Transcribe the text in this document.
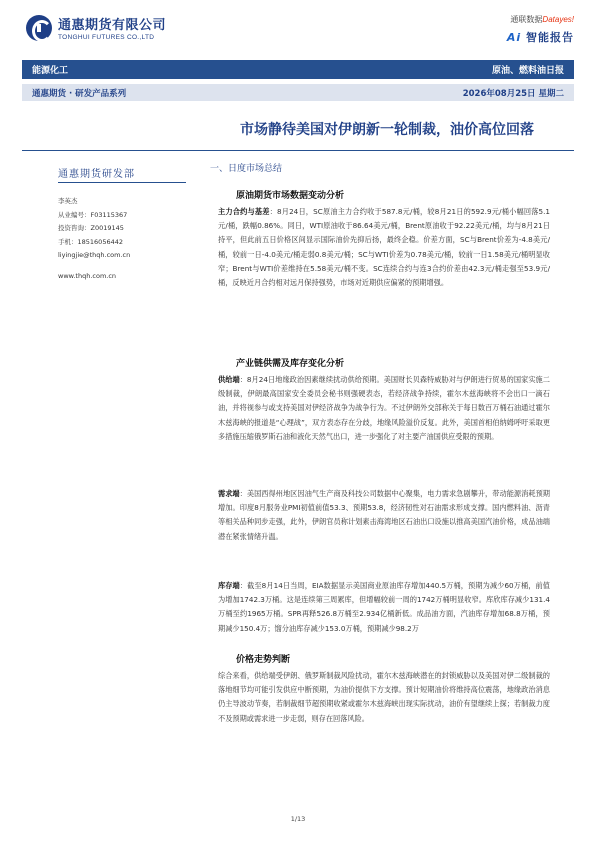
通惠期货有限公司
TONGHUI FUTURES CO.,LTD
通联数据Datayes!
Ai 智能报告
能源化工	原油、燃料油日报
通惠期货 · 研发产品系列	2026年08月25日 星期二
市场静待美国对伊朗新一轮制裁，油价高位回落
通惠期货研发部
李英杰
从业编号：F03115367
投资咨询：Z0019145
手机：18516056442
liyingjie@thqh.com.cn
www.thqh.com.cn
一、日度市场总结
原油期货市场数据变动分析
主力合约与基差：8月24日，SC原油主力合约收于587.8元/桶，较8月21日的592.9元/桶小幅回落5.1元/桶，跌幅0.86%。同日，WTI原油收于86.64美元/桶，Brent原油收于92.22美元/桶，均与8月21日持平，但此前五日价格区间显示国际油价先抑后扬，最终企稳。价差方面，SC与Brent价差为-4.8美元/桶，较前一日-4.0美元/桶走弱0.8美元/桶；SC与WTI价差为0.78美元/桶，较前一日1.58美元/桶明显收窄；Brent与WTI价差维持在5.58美元/桶不变。SC连续合约与连3合约价差由42.3元/桶走强至53.9元/桶，反映近月合约相对远月保持强势，市场对近期供应偏紧的预期增强。
产业链供需及库存变化分析
供给端：8月24日地缘政治因素继续扰动供给预期。美国财长贝森特威胁对与伊朗进行贸易的国家实施二级制裁，伊朗最高国家安全委员会秘书则强硬表态，若经济战争持续，霍尔木兹海峡将不会出口一滴石油，并将视参与或支持美国对伊经济战争为战争行为。不过伊朗外交部称关于每日数百万桶石油通过霍尔木兹海峡的报道是“心理战”，双方表态存在分歧，地缘风险溢价反复。此外，美国首相伯纳姆呼吁采取更多措施压缩俄罗斯石油和液化天然气出口，进一步强化了对主要产油国供应受限的预期。
需求端：美国西得州地区因油气生产商及科技公司数据中心聚集，电力需求急剧攀升，带动能源消耗预期增加。印度8月服务业PMI初值前值53.3、预期53.8，经济韧性对石油需求形成支撑。国内燃料油、沥青等相关品种同步走强，此外，伊朗官员称计划素击海湾地区石油出口设施以推高美国汽油价格，成品油端潜在紧张情绪升温。
库存端：截至8月14日当周，EIA数据显示美国商业原油库存增加440.5万桶，预期为减少60万桶，前值为增加1742.3万桶。这是连续第三周累库，但增幅较前一周的1742万桶明显收窄。库欣库存减少131.4万桶至约1965万桶。SPR再释526.8万桶至2.934亿桶新低。成品油方面，汽油库存增加68.8万桶，预期减少150.4万；馏分油库存减少153.0万桶，预期减少98.2万
价格走势判断
综合来看，供给端受伊朗、俄罗斯制裁风险扰动，霍尔木兹海峡潜在的封锁威胁以及美国对伊二级制裁的落地细节均可能引发供应中断预期，为油价提供下方支撑。预计短期油价将维持高位震荡，地缘政治消息仍主导波动节奏，若制裁细节超预期收紧或霍尔木兹海峡出现实际扰动，油价有望继续上探；若制裁力度不及预期或需求进一步走弱，则存在回落风险。
1/13
